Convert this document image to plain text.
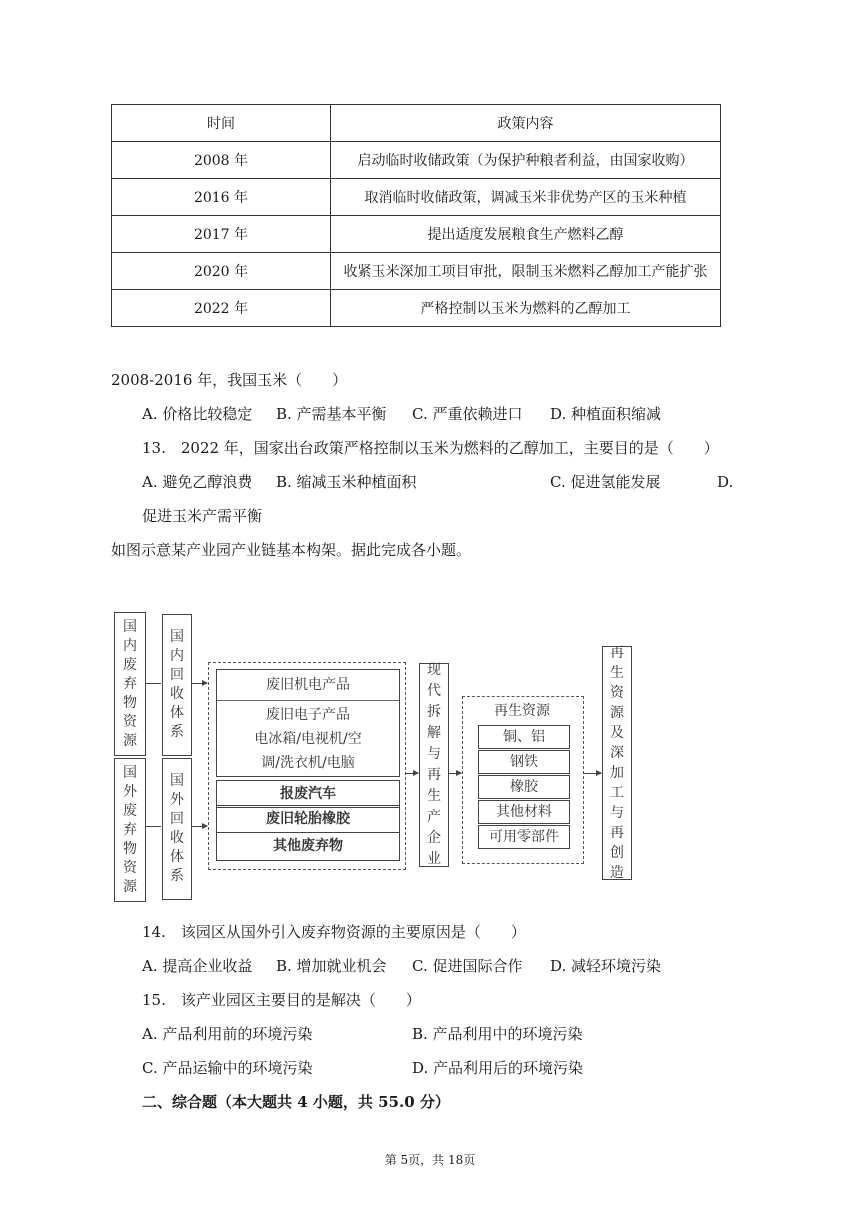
时间	政策内容
2008 年	启动临时收储政策（为保护种粮者利益，由国家收购）
2016 年	取消临时收储政策，调减玉米非优势产区的玉米种植
2017 年	提出适度发展粮食生产燃料乙醇
2020 年	收紧玉米深加工项目审批，限制玉米燃料乙醇加工产能扩张
2022 年	严格控制以玉米为燃料的乙醇加工
2008-2016 年，我国玉米（　　）
A. 价格比较稳定 B. 产需基本平衡 C. 严重依赖进口 D. 种植面积缩减
13.　2022 年，国家出台政策严格控制以玉米为燃料的乙醇加工，主要目的是（　　）
A. 避免乙醇浪费 B. 缩减玉米种植面积	C. 促进氢能发展	D.
促进玉米产需平衡
如图示意某产业园产业链基本构架。据此完成各小题。
国内废弃物资源
国外废弃物资源
国内回收体系
国外回收体系
废旧机电产品
废旧电子产品
电冰箱/电视机/空
调/洗衣机/电脑
报废汽车
废旧轮胎橡胶
其他废弃物
现代拆解与再生产企业
再生资源
铜、铝
钢铁
橡胶
其他材料
可用零部件
再生资源及深加工与再创造
14.　该园区从国外引入废弃物资源的主要原因是（　　）
A. 提高企业收益 B. 增加就业机会 C. 促进国际合作 D. 减轻环境污染
15.　该产业园区主要目的是解决（　　）
A. 产品利用前的环境污染	B. 产品利用中的环境污染
C. 产品运输中的环境污染	D. 产品利用后的环境污染
二、综合题（本大题共 4 小题，共 55.0 分）
第 5页，共 18页
